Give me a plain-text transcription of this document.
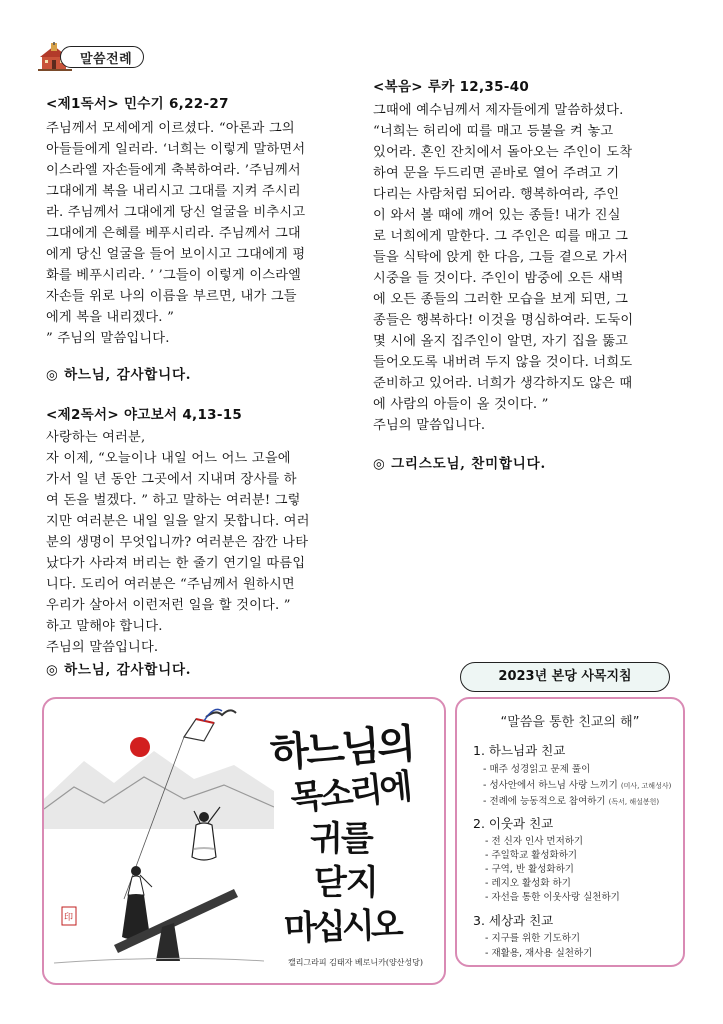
말씀전례
<제1독서> 민수기 6,22-27

주님께서 모세에게 이르셨다. “아론과 그의

아들들에게 일러라. ‘너희는 이렇게 말하면서

이스라엘 자손들에게 축복하여라. ’주님께서

그대에게 복을 내리시고 그대를 지켜 주시리

라. 주님께서 그대에게 당신 얼굴을 비추시고

그대에게 은혜를 베푸시리라. 주님께서 그대

에게 당신 얼굴을 들어 보이시고 그대에게 평

화를 베푸시리라. ’ ’그들이 이렇게 이스라엘

자손들 위로 나의 이름을 부르면, 내가 그들

에게 복을 내리겠다. ”

” 주님의 말씀입니다.

◎ 하느님, 감사합니다.
<제2독서> 야고보서 4,13-15

사랑하는 여러분,

자 이제, “오늘이나 내일 어느 어느 고을에

가서 일 년 동안 그곳에서 지내며 장사를 하

여 돈을 벌겠다. ” 하고 말하는 여러분! 그렇

지만 여러분은 내일 일을 알지 못합니다. 여러

분의 생명이 무엇입니까? 여러분은 잠깐 나타

났다가 사라져 버리는 한 줄기 연기일 따름입

니다. 도리어 여러분은 “주님께서 원하시면

우리가 살아서 이런저런 일을 할 것이다. ”

하고 말해야 합니다.

주님의 말씀입니다.

◎ 하느님, 감사합니다.
<복음> 루카 12,35-40

그때에 예수님께서 제자들에게 말씀하셨다.

“너희는 허리에 띠를 매고 등불을 켜 놓고

있어라. 혼인 잔치에서 돌아오는 주인이 도착

하여 문을 두드리면 곧바로 열어 주려고 기

다리는 사람처럼 되어라. 행복하여라, 주인

이 와서 볼 때에 깨어 있는 종들! 내가 진실

로 너희에게 말한다. 그 주인은 띠를 매고 그

들을 식탁에 앉게 한 다음, 그들 곁으로 가서

시중을 들 것이다. 주인이 밤중에 오든 새벽

에 오든 종들의 그러한 모습을 보게 되면, 그

종들은 행복하다! 이것을 명심하여라. 도둑이

몇 시에 올지 집주인이 알면, 자기 집을 뚫고

들어오도록 내버려 두지 않을 것이다. 너희도

준비하고 있어라. 너희가 생각하지도 않은 때

에 사람의 아들이 올 것이다. ”

주님의 말씀입니다.

◎ 그리스도님, 찬미합니다.
2023년 본당 사목지침
“말씀을 통한 친교의 해”
1. 하느님과 친교
- 매주 성경읽고 문제 풀이
- 성사안에서 하느님 사랑 느끼기 (미사, 고해성사)
- 전례에 능동적으로 참여하기 (독서, 해설봉헌)
2. 이웃과 친교
- 전 신자 인사 먼저하기
- 주일학교 활성화하기
- 구역, 반 활성화하기
- 레지오 활성화 하기
- 자선을 통한 이웃사랑 실천하기
3. 세상과 친교
- 지구를 위한 기도하기
- 재활용, 재사용 실천하기
印
하느님의
목소리에
귀를
닫지
마십시오
캘리그라피 김태자 베로니카(양산성당)
